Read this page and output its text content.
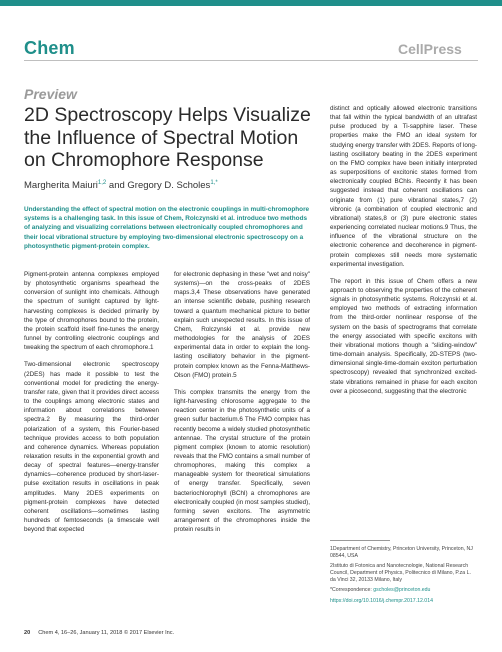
Chem	CellPress
Preview
2D Spectroscopy Helps Visualize the Influence of Spectral Motion on Chromophore Response
Margherita Maiuri$^{1,2}$ and Gregory D. Scholes$^{1,*}$

Understanding the effect of spectral motion on the electronic couplings in multi-chromophore systems is a challenging task. In this issue of Chem, Rolczynski et al. introduce two methods of analyzing and visualizing correlations between electronically coupled chromophores and their local vibrational structure by employing two-dimensional electronic spectroscopy on a photosynthetic pigment-protein complex.

Pigment-protein antenna complexes employed by photosynthetic organisms spearhead the conversion of sunlight into chemicals. Although the spectrum of sunlight captured by light-harvesting complexes is decided primarily by the type of chromophores bound to the protein, the protein scaffold itself fine-tunes the energy funnel by controlling electronic couplings and tweaking the spectrum of each chromophore.1

Two-dimensional electronic spectroscopy (2DES) has made it possible to test the conventional model for predicting the energy-transfer rate, given that it provides direct access to the couplings among electronic states and information about correlations between spectra.2 By measuring the third-order polarization of a system, this Fourier-based technique provides access to both population and coherence dynamics. Whereas population relaxation results in the exponential growth and decay of spectral features—energy-transfer dynamics—coherence produced by short-laser-pulse excitation results in oscillations in peak amplitudes. Many 2DES experiments on pigment-protein complexes have detected coherent oscillations—sometimes lasting hundreds of femtoseconds (a timescale well beyond that expected

for electronic dephasing in these "wet and noisy" systems)—on the cross-peaks of 2DES maps.3,4 These observations have generated an intense scientific debate, pushing research toward a quantum mechanical picture to better explain such unexpected results. In this issue of Chem, Rolczynski et al. provide new methodologies for the analysis of 2DES experimental data in order to explain the long-lasting oscillatory behavior in the pigment-protein complex known as the Fenna-Matthews-Olson (FMO) protein.5

This complex transmits the energy from the light-harvesting chlorosome aggregate to the reaction center in the photosynthetic units of a green sulfur bacterium.6 The FMO complex has recently become a widely studied photosynthetic antennae. The crystal structure of the protein pigment complex (known to atomic resolution) reveals that the FMO contains a small number of chromophores, making this complex a manageable system for theoretical simulations of energy transfer. Specifically, seven bacteriochlorophyll (BChl) a chromophores are electronically coupled (in most samples studied), forming seven excitons. The asymmetric arrangement of the chromophores inside the protein results in

distinct and optically allowed electronic transitions that fall within the typical bandwidth of an ultrafast pulse produced by a Ti-sapphire laser. These properties make the FMO an ideal system for studying energy transfer with 2DES. Reports of long-lasting oscillatory beating in the 2DES experiment on the FMO complex have been initially interpreted as superpositions of excitonic states formed from electronically coupled BChls. Recently it has been suggested instead that coherent oscillations can originate from (1) pure vibrational states,7 (2) vibronic (a combination of coupled electronic and vibrational) states,8 or (3) pure electronic states experiencing correlated nuclear motions.9 Thus, the influence of the vibrational structure on the electronic coherence and decoherence in pigment-protein complexes still needs more systematic experimental investigation.

The report in this issue of Chem offers a new approach to observing the properties of the coherent signals in photosynthetic systems. Rolczynski et al. employed two methods of extracting information from the third-order nonlinear response of the system on the basis of spectrograms that correlate the energy associated with specific excitons with their vibrational motions though a "sliding-window" time-domain analysis. Specifically, 2D-STEPS (two-dimensional single-time-domain exciton perturbation spectroscopy) revealed that synchronized excited-state vibrations remained in phase for each exciton over a picosecond, suggesting that the electronic

1Department of Chemistry, Princeton University, Princeton, NJ 08544, USA
2Istituto di Fotonica and Nanotecnologie, National Research Council, Department of Physics, Politecnico di Milano, P.za L. da Vinci 32, 20133 Milano, Italy
*Correspondence: gscholes@princeton.edu
https://doi.org/10.1016/j.chempr.2017.12.014
20 Chem 4, 16–26, January 11, 2018 © 2017 Elsevier Inc.
